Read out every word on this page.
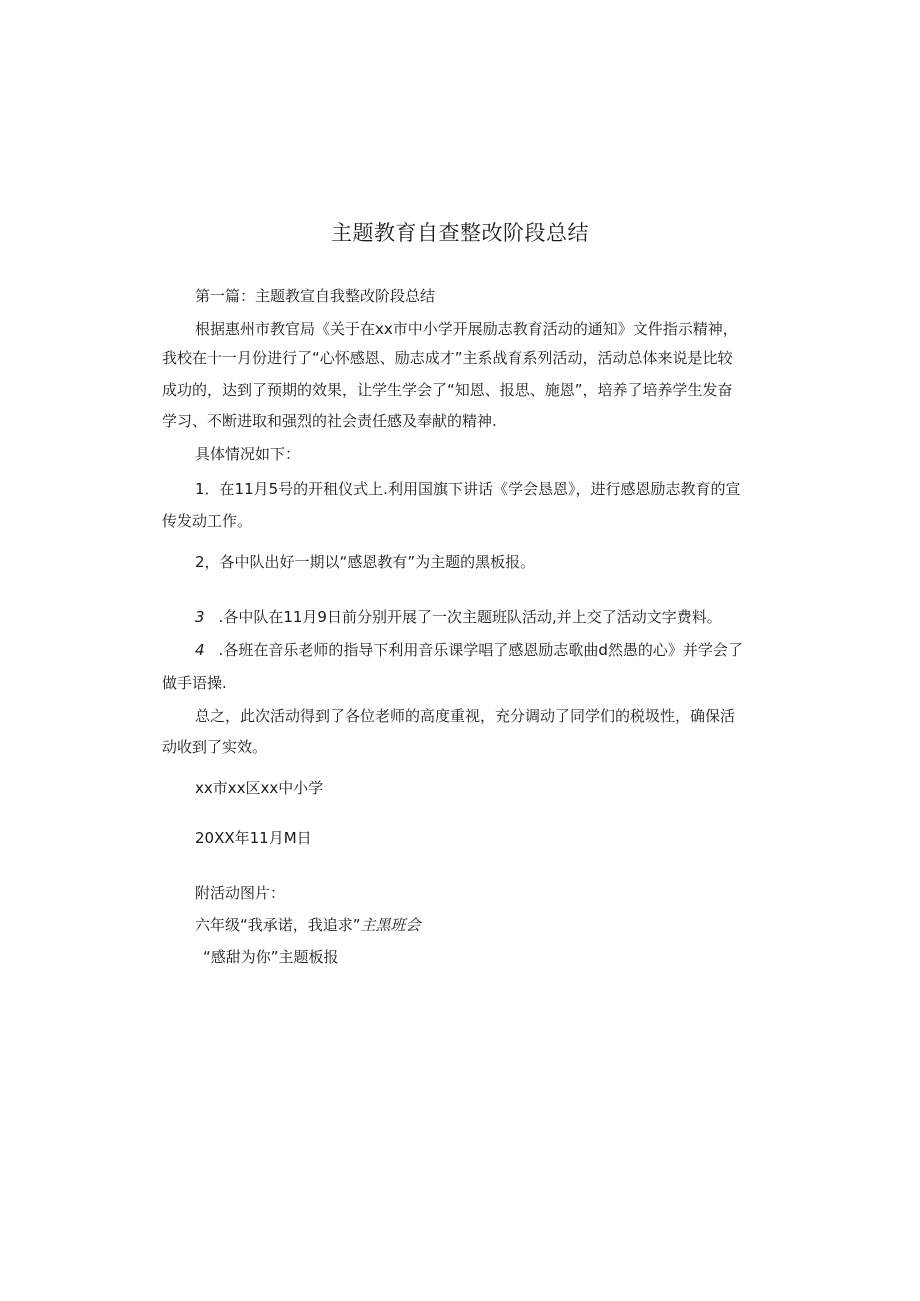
主题教育自查整改阶段总结
第一篇：主题教宣自我整改阶段总结
根据惠州市教官局《关于在xx市中小学开展励志教育活动的通知》文件指示精神，
我校在十一月份进行了“心怀感恩、励志成才”主系战育系列活动，活动总体来说是比较
成功的，达到了预期的效果，让学生学会了“知恩、报思、施恩”，培养了培养学生发奋
学习、不断进取和强烈的社会责任感及奉献的精神.
具体情况如下：
1．在11月5号的开租仪式上.利用国旗下讲话《学会恳恩》，进行感恩励志教育的宣
传发动工作。
2，各中队出好一期以“感恩教有”为主题的黑板报。
3 .各中队在11月9日前分别开展了一次主题班队活动,并上交了活动文字费料。
4 .各班在音乐老师的指导下利用音乐课学唱了感恩励志歌曲d然愚的心》并学会了
做手语操.
总之，此次活动得到了各位老师的高度重视，充分调动了同学们的税圾性，确保活
动收到了实效。
xx市xx区xx中小学
20XX年11月M日
附活动图片：
六年级“我承诺，我追求”主黑班会
“感甜为你”主题板报
